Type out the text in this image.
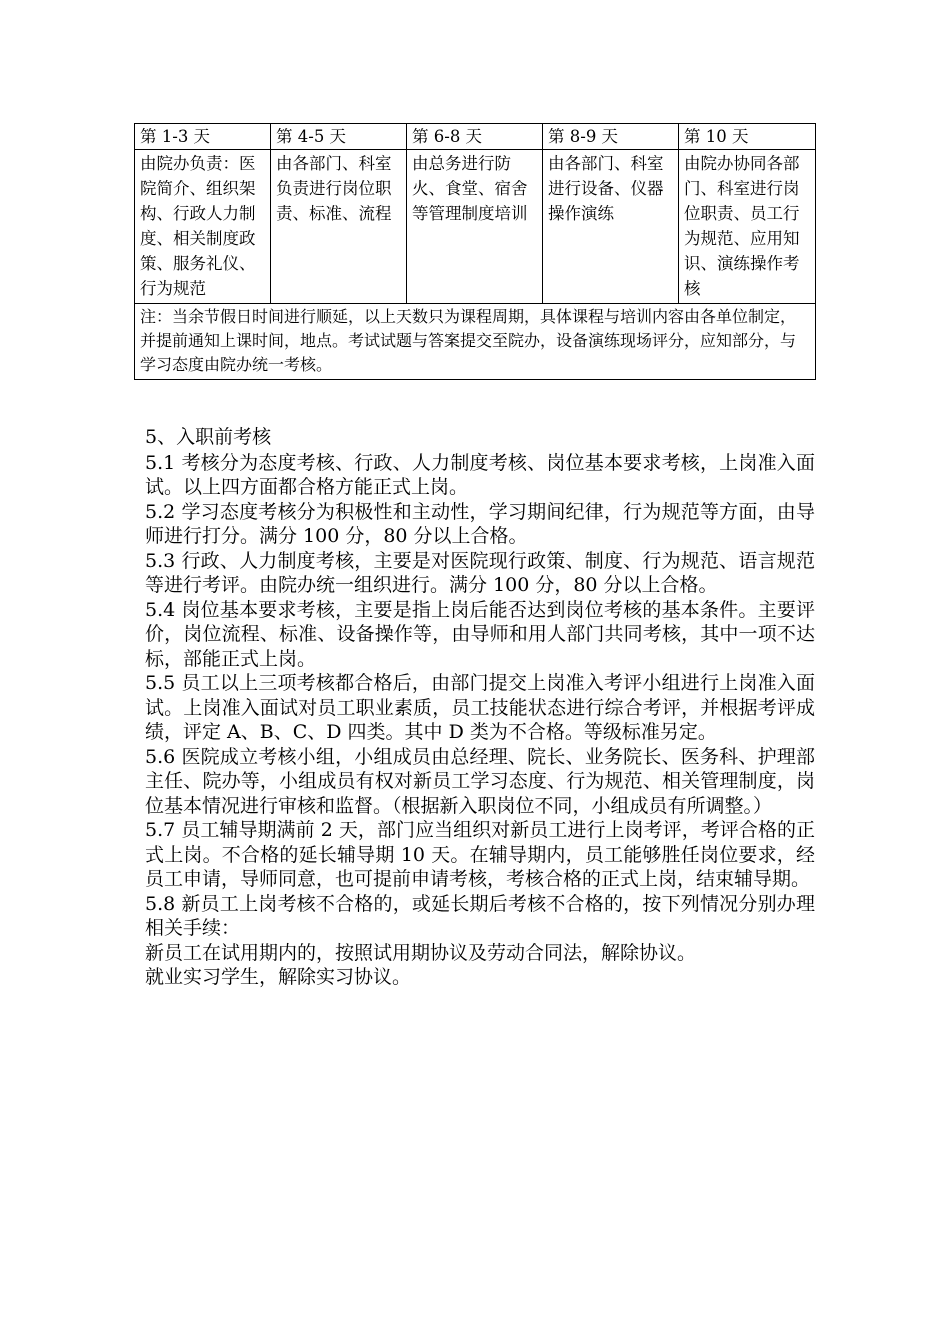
第 1-3 天	第 4-5 天	第 6-8 天	第 8-9 天	第 10 天
由院办负责：医院简介、组织架构、行政人力制度、相关制度政策、服务礼仪、行为规范	由各部门、科室负责进行岗位职责、标准、流程	由总务进行防火、食堂、宿舍等管理制度培训	由各部门、科室进行设备、仪器操作演练	由院办协同各部门、科室进行岗位职责、员工行为规范、应用知识、演练操作考核
注：当余节假日时间进行顺延，以上天数只为课程周期，具体课程与培训内容由各单位制定，并提前通知上课时间，地点。考试试题与答案提交至院办，设备演练现场评分，应知部分，与学习态度由院办统一考核。				

5、入职前考核

5.1 考核分为态度考核、行政、人力制度考核、岗位基本要求考核，上岗准入面试。以上四方面都合格方能正式上岗。

5.2 学习态度考核分为积极性和主动性，学习期间纪律，行为规范等方面，由导师进行打分。满分 100 分，80 分以上合格。

5.3 行政、人力制度考核，主要是对医院现行政策、制度、行为规范、语言规范等进行考评。由院办统一组织进行。满分 100 分，80 分以上合格。

5.4 岗位基本要求考核，主要是指上岗后能否达到岗位考核的基本条件。主要评价，岗位流程、标准、设备操作等，由导师和用人部门共同考核，其中一项不达标，部能正式上岗。

5.5 员工以上三项考核都合格后，由部门提交上岗准入考评小组进行上岗准入面试。上岗准入面试对员工职业素质，员工技能状态进行综合考评，并根据考评成绩，评定 A、B、C、D 四类。其中 D 类为不合格。等级标准另定。

5.6 医院成立考核小组，小组成员由总经理、院长、业务院长、医务科、护理部主任、院办等，小组成员有权对新员工学习态度、行为规范、相关管理制度，岗位基本情况进行审核和监督。（根据新入职岗位不同，小组成员有所调整。）

5.7 员工辅导期满前 2 天，部门应当组织对新员工进行上岗考评，考评合格的正式上岗。不合格的延长辅导期 10 天。在辅导期内，员工能够胜任岗位要求，经员工申请，导师同意，也可提前申请考核，考核合格的正式上岗，结束辅导期。

5.8 新员工上岗考核不合格的，或延长期后考核不合格的，按下列情况分别办理相关手续：

新员工在试用期内的，按照试用期协议及劳动合同法，解除协议。

就业实习学生，解除实习协议。
